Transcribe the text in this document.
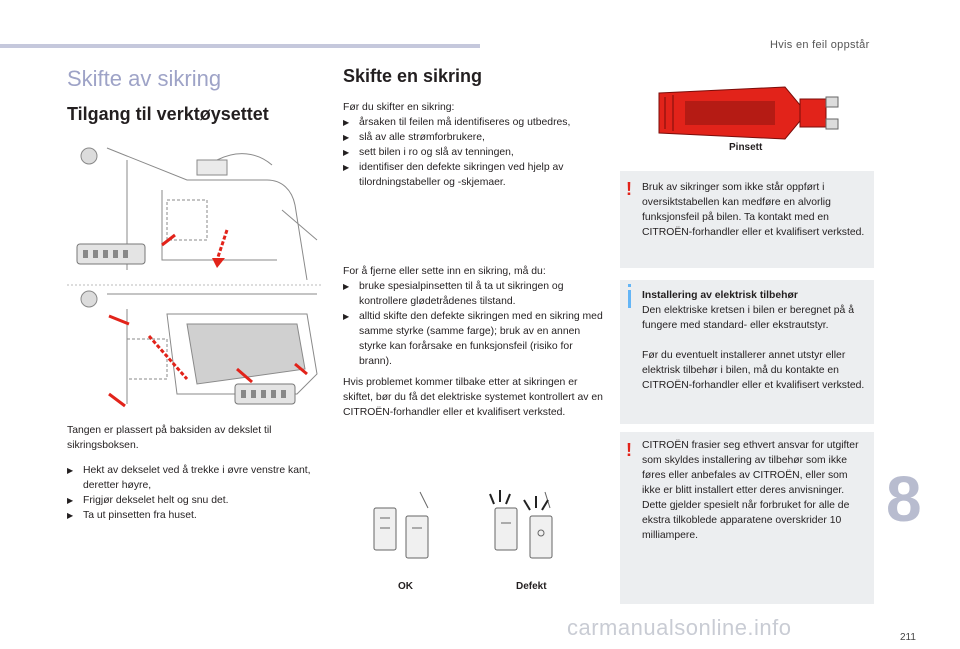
Hvis en feil oppstår
Skifte av sikring
Tilgang til verktøysettet
Tangen er plassert på baksiden av dekslet til sikringsboksen.
▶ Hekt av dekselet ved å trekke i øvre venstre kant, deretter høyre,
▶ Frigjør dekselet helt og snu det.
▶ Ta ut pinsetten fra huset.
Skifte en sikring
Før du skifter en sikring:
▶ årsaken til feilen må identifiseres og utbedres,
▶ slå av alle strømforbrukere,
▶ sett bilen i ro og slå av tenningen,
▶ identifiser den defekte sikringen ved hjelp av tilordningstabeller og -skjemaer.
For å fjerne eller sette inn en sikring, må du:
▶ bruke spesialpinsetten til å ta ut sikringen og kontrollere glødetrådenes tilstand.
▶ alltid skifte den defekte sikringen med en sikring med samme styrke (samme farge); bruk av en annen styrke kan forårsake en funksjonsfeil (risiko for brann).
Hvis problemet kommer tilbake etter at sikringen er skiftet, bør du få det elektriske systemet kontrollert av en CITROËN-forhandler eller et kvalifisert verksted.
OK	Defekt
Pinsett
! Bruk av sikringer som ikke står oppført i oversiktstabellen kan medføre en alvorlig funksjonsfeil på bilen. Ta kontakt med en CITROËN-forhandler eller et kvalifisert verksted.
Installering av elektrisk tilbehør
Den elektriske kretsen i bilen er beregnet på å fungere med standard- eller ekstrautstyr.
Før du eventuelt installerer annet utstyr eller elektrisk tilbehør i bilen, må du kontakte en CITROËN-forhandler eller et kvalifisert verksted.
! CITROËN frasier seg ethvert ansvar for utgifter som skyldes installering av tilbehør som ikke føres eller anbefales av CITROËN, eller som ikke er blitt installert etter deres anvisninger. Dette gjelder spesielt når forbruket for alle de ekstra tilkoblede apparatene overskrider 10 milliampere.
8
211
carmanualsonline.info
